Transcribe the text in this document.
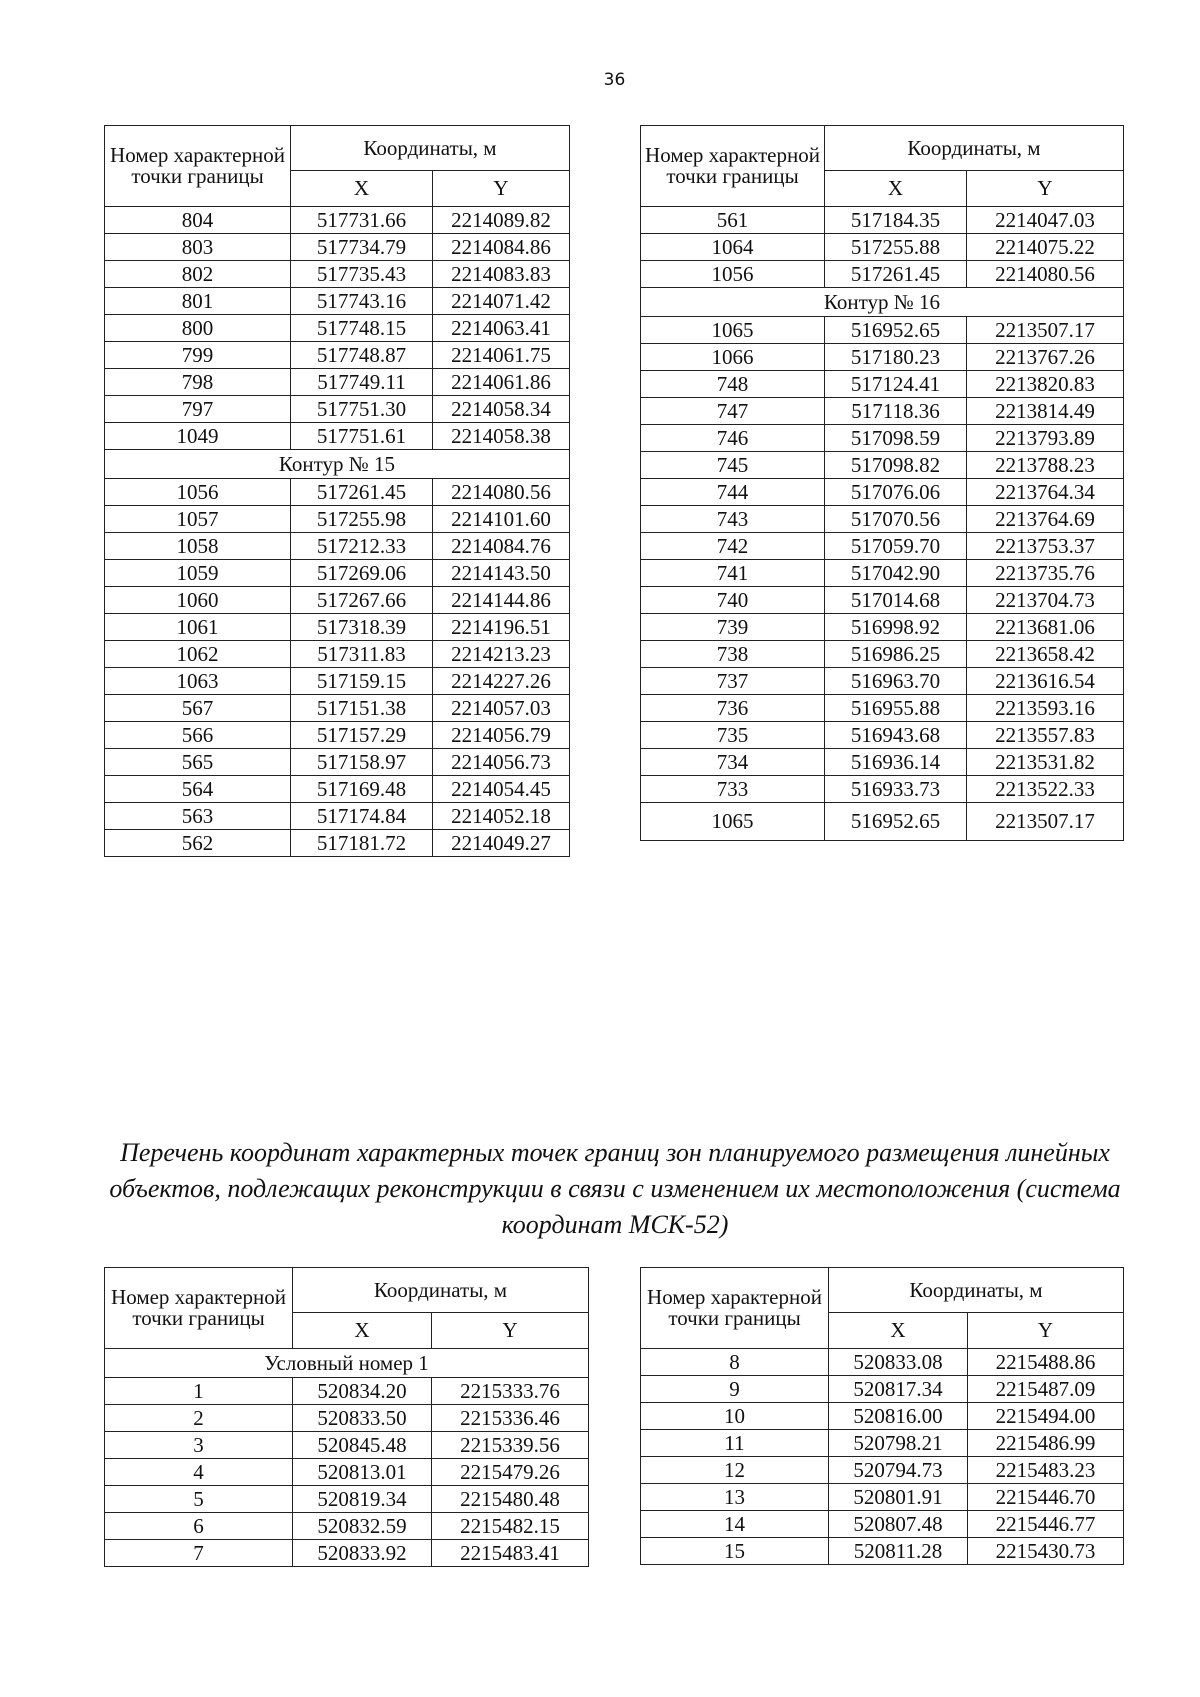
36
Номер характерной точки границы	Координаты, м	
	X	Y
804	517731.66	2214089.82
803	517734.79	2214084.86
802	517735.43	2214083.83
801	517743.16	2214071.42
800	517748.15	2214063.41
799	517748.87	2214061.75
798	517749.11	2214061.86
797	517751.30	2214058.34
1049	517751.61	2214058.38
Контур № 15		
1056	517261.45	2214080.56
1057	517255.98	2214101.60
1058	517212.33	2214084.76
1059	517269.06	2214143.50
1060	517267.66	2214144.86
1061	517318.39	2214196.51
1062	517311.83	2214213.23
1063	517159.15	2214227.26
567	517151.38	2214057.03
566	517157.29	2214056.79
565	517158.97	2214056.73
564	517169.48	2214054.45
563	517174.84	2214052.18
562	517181.72	2214049.27
Номер характерной точки границы	Координаты, м	
	X	Y
561	517184.35	2214047.03
1064	517255.88	2214075.22
1056	517261.45	2214080.56
Контур № 16		
1065	516952.65	2213507.17
1066	517180.23	2213767.26
748	517124.41	2213820.83
747	517118.36	2213814.49
746	517098.59	2213793.89
745	517098.82	2213788.23
744	517076.06	2213764.34
743	517070.56	2213764.69
742	517059.70	2213753.37
741	517042.90	2213735.76
740	517014.68	2213704.73
739	516998.92	2213681.06
738	516986.25	2213658.42
737	516963.70	2213616.54
736	516955.88	2213593.16
735	516943.68	2213557.83
734	516936.14	2213531.82
733	516933.73	2213522.33
1065	516952.65	2213507.17
Перечень координат характерных точек границ зон планируемого размещения линейных объектов, подлежащих реконструкции в связи с изменением их местоположения (система координат МСК-52)
Номер характерной точки границы	Координаты, м	
	X	Y
Условный номер 1		
1	520834.20	2215333.76
2	520833.50	2215336.46
3	520845.48	2215339.56
4	520813.01	2215479.26
5	520819.34	2215480.48
6	520832.59	2215482.15
7	520833.92	2215483.41
Номер характерной точки границы	Координаты, м	
	X	Y
8	520833.08	2215488.86
9	520817.34	2215487.09
10	520816.00	2215494.00
11	520798.21	2215486.99
12	520794.73	2215483.23
13	520801.91	2215446.70
14	520807.48	2215446.77
15	520811.28	2215430.73
